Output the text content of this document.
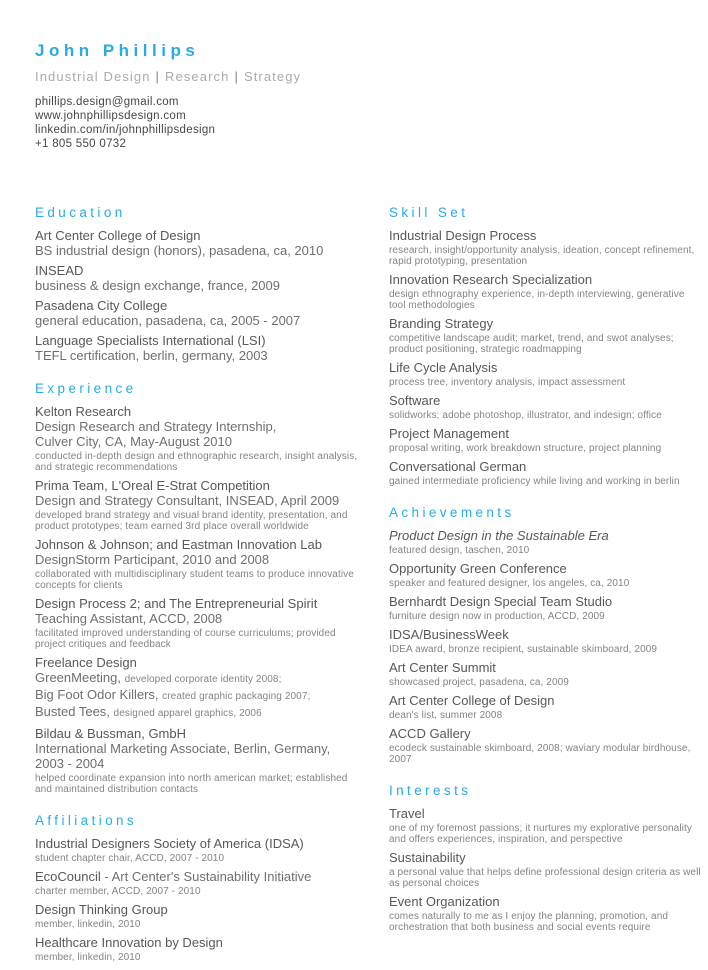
John Phillips
Industrial Design | Research | Strategy
phillips.design@gmail.com
www.johnphillipsdesign.com
linkedin.com/in/johnphillipsdesign
+1 805 550 0732
Education
Art Center College of Design
BS industrial design (honors), pasadena, ca, 2010
INSEAD
business & design exchange, france, 2009
Pasadena City College
general education, pasadena, ca, 2005 - 2007
Language Specialists International (LSI)
TEFL certification, berlin, germany, 2003
Experience
Kelton Research
Design Research and Strategy Internship,
Culver City, CA, May-August 2010
conducted in-depth design and ethnographic research, insight analysis, and strategic recommendations
Prima Team, L'Oreal E-Strat Competition
Design and Strategy Consultant, INSEAD, April 2009
developed brand strategy and visual brand identity, presentation, and product prototypes; team earned 3rd place overall worldwide
Johnson & Johnson; and Eastman Innovation Lab
DesignStorm Participant, 2010 and 2008
collaborated with multidisciplinary student teams to produce innovative concepts for clients
Design Process 2; and The Entrepreneurial Spirit
Teaching Assistant, ACCD, 2008
facilitated improved understanding of course curriculums; provided project critiques and feedback
Freelance Design
GreenMeeting, developed corporate identity 2008;
Big Foot Odor Killers, created graphic packaging 2007;
Busted Tees, designed apparel graphics, 2006
Bildau & Bussman, GmbH
International Marketing Associate, Berlin, Germany,
2003 - 2004
helped coordinate expansion into north american market; established and maintained distribution contacts
Affiliations
Industrial Designers Society of America (IDSA)
student chapter chair, ACCD, 2007 - 2010
EcoCouncil - Art Center's Sustainability Initiative
charter member, ACCD, 2007 - 2010
Design Thinking Group
member, linkedin, 2010
Healthcare Innovation by Design
member, linkedin, 2010
Skill Set
Industrial Design Process
research, insight/opportunity analysis, ideation, concept refinement, rapid prototyping, presentation
Innovation Research Specialization
design ethnography experience, in-depth interviewing, generative tool methodologies
Branding Strategy
competitive landscape audit; market, trend, and swot analyses; product positioning, strategic roadmapping
Life Cycle Analysis
process tree, inventory analysis, impact assessment
Software
solidworks; adobe photoshop, illustrator, and indesign; office
Project Management
proposal writing, work breakdown structure, project planning
Conversational German
gained intermediate proficiency while living and working in berlin
Achievements
Product Design in the Sustainable Era
featured design, taschen, 2010
Opportunity Green Conference
speaker and featured designer, los angeles, ca, 2010
Bernhardt Design Special Team Studio
furniture design now in production, ACCD, 2009
IDSA/BusinessWeek
IDEA award, bronze recipient, sustainable skimboard, 2009
Art Center Summit
showcased project, pasadena, ca, 2009
Art Center College of Design
dean's list, summer 2008
ACCD Gallery
ecodeck sustainable skimboard, 2008; waviary modular birdhouse, 2007
Interests
Travel
one of my foremost passions; it nurtures my explorative personality and offers experiences, inspiration, and perspective
Sustainability
a personal value that helps define professional design criteria as well as personal choices
Event Organization
comes naturally to me as I enjoy the planning, promotion, and orchestration that both business and social events require
